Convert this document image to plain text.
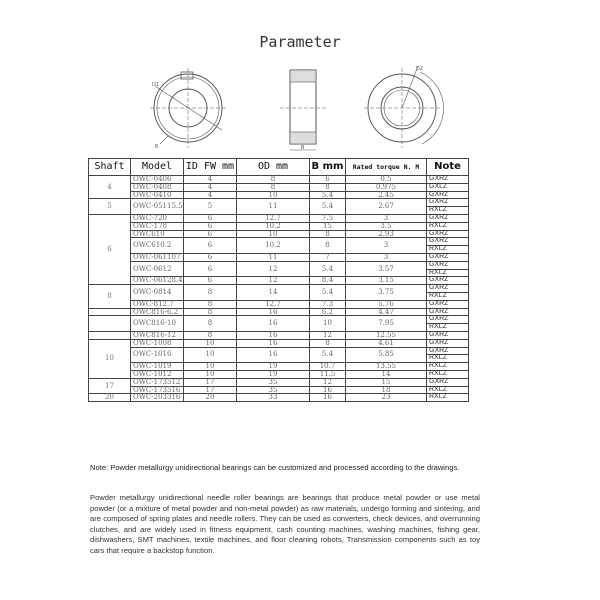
Parameter
D1
R	B
D2
Shaft	Model	ID FW mm	OD mm	B mm	Rated torque N. M	Note
4	OWC-0406	4	8	6	0.5	GXRZ
	OWC-0408	4	8	8	0.975	GXLZ
	OWC-0410	4	10	5.4	2.45	GXRZ
5	OWC-05115.5	5	11	5.4	2.67	GXRZ
						RXLZ
6	OWC-720	6	12.7	7.5	3	GXRZ
	OWC-178	6	10.2	15	3.5	RXLZ
	OWC610	6	10	8	2.93	GXRZ
	OWC610.2	6	10.2	8	3	GXRZ
						RXLZ
	OWC-061107	6	11	7	3	GXRZ
	OWC-0612	6	12	5.4	3.57	GXRZ
						RXLZ
	OWC-06128.4	6	12	8.4	3.15	GXRZ
8	OWC-0814	8	14	5.4	3.75	GXRZ
						RXLZ
	OWC-812.7	8	12.7	7.3	5.76	GXRZ
	OWC816-6.2	8	16	6.2	4.47	GXRZ
	OWC816-10	8	16	10	7.95	GXRZ
						RXLZ
	OWC816-12	8	16	12	12.55	GXRZ
10	OWC-1008	10	16	8	4.61	GXRZ
	OWC-1016	10	16	5.4	5.85	GXRZ
						RXLZ
	OWC-1019	10	19	10.7	13.55	RXLZ
	OWC-1012	10	19	11.5	14	RXLZ
17	OWC-173512	17	35	12	15	GXRZ
	OWC-173516	17	35	16	18	RXLZ
20	OWC-203316	20	33	16	23	RXLZ
Note: Powder metallurgy unidirectional bearings can be customized and processed according to the drawings.
Powder metallurgy unidirectional needle roller bearings are bearings that produce metal powder or use metal powder (or a mixture of metal powder and non-metal powder) as raw materials, undergo forming and sintering, and are composed of spring plates and needle rollers. They can be used as converters, check devices, and overrunning clutches, and are widely used in fitness equipment, cash counting machines, washing machines, fishing gear, dishwashers, SMT machines, textile machines, and floor cleaning robots, Transmission components such as toy cars that require a backstop function.
